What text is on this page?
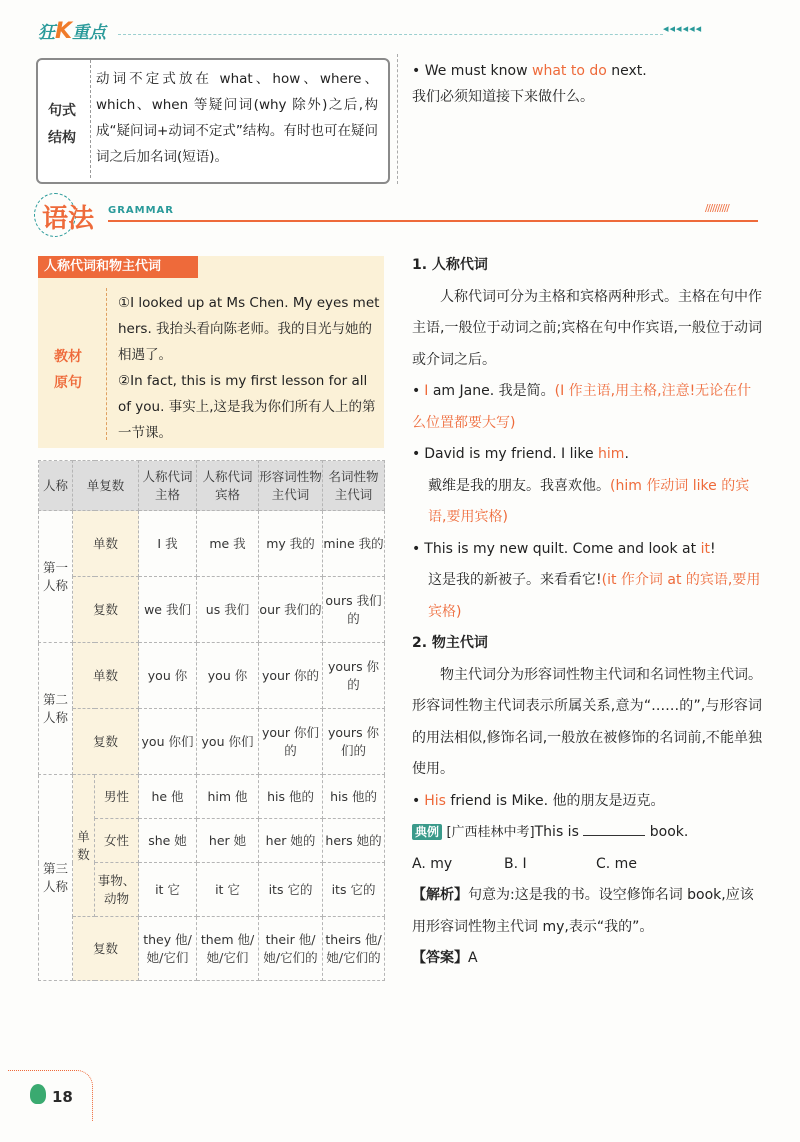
狂K重点	◂◂◂◂◂◂
句式结构
动词不定式放在 what、how、where、which、when 等疑问词(why 除外)之后,构成“疑问词+动词不定式”结构。有时也可在疑问词之后加名词(短语)。
• We must know what to do next.
我们必须知道接下来做什么。
语法 GRAMMAR	//////////
人称代词和物主代词
教材原句
①I looked up at Ms Chen. My eyes met hers. 我抬头看向陈老师。我的目光与她的相遇了。
②In fact, this is my first lesson for all of you. 事实上,这是我为你们所有人上的第一节课。
人称	单复数		人称代词主格	人称代词宾格	形容词性物主代词	名词性物主代词
第一人称	单数		I 我	me 我	my 我的	mine 我的
	复数		we 我们	us 我们	our 我们的	ours 我们的
第二人称	单数		you 你	you 你	your 你的	yours 你的
	复数		you 你们	you 你们	your 你们的	yours 你们的
第三人称	单数	男性	he 他	him 他	his 他的	his 他的
		女性	she 她	her 她	her 她的	hers 她的
		事物、动物	it 它	it 它	its 它的	its 它的
	复数		they 他/她/它们	them 他/她/它们	their 他/她/它们的	theirs 他/她/它们的

1. 人称代词

人称代词可分为主格和宾格两种形式。主格在句中作主语,一般位于动词之前;宾格在句中作宾语,一般位于动词或介词之后。

• I am Jane. 我是简。(I 作主语,用主格,注意!无论在什么位置都要大写)

• David is my friend. I like him.

戴维是我的朋友。我喜欢他。(him 作动词 like 的宾语,要用宾格)

• This is my new quilt. Come and look at it!

这是我的新被子。来看看它!(it 作介词 at 的宾语,要用宾格)

2. 物主代词

物主代词分为形容词性物主代词和名词性物主代词。形容词性物主代词表示所属关系,意为“……的”,与形容词的用法相似,修饰名词,一般放在被修饰的名词前,不能单独使用。

• His friend is Mike. 他的朋友是迈克。

典例 [广西桂林中考]This is	book.

A. my	B. I	C. me

【解析】句意为:这是我的书。设空修饰名词 book,应该用形容词性物主代词 my,表示“我的”。

【答案】A

18
